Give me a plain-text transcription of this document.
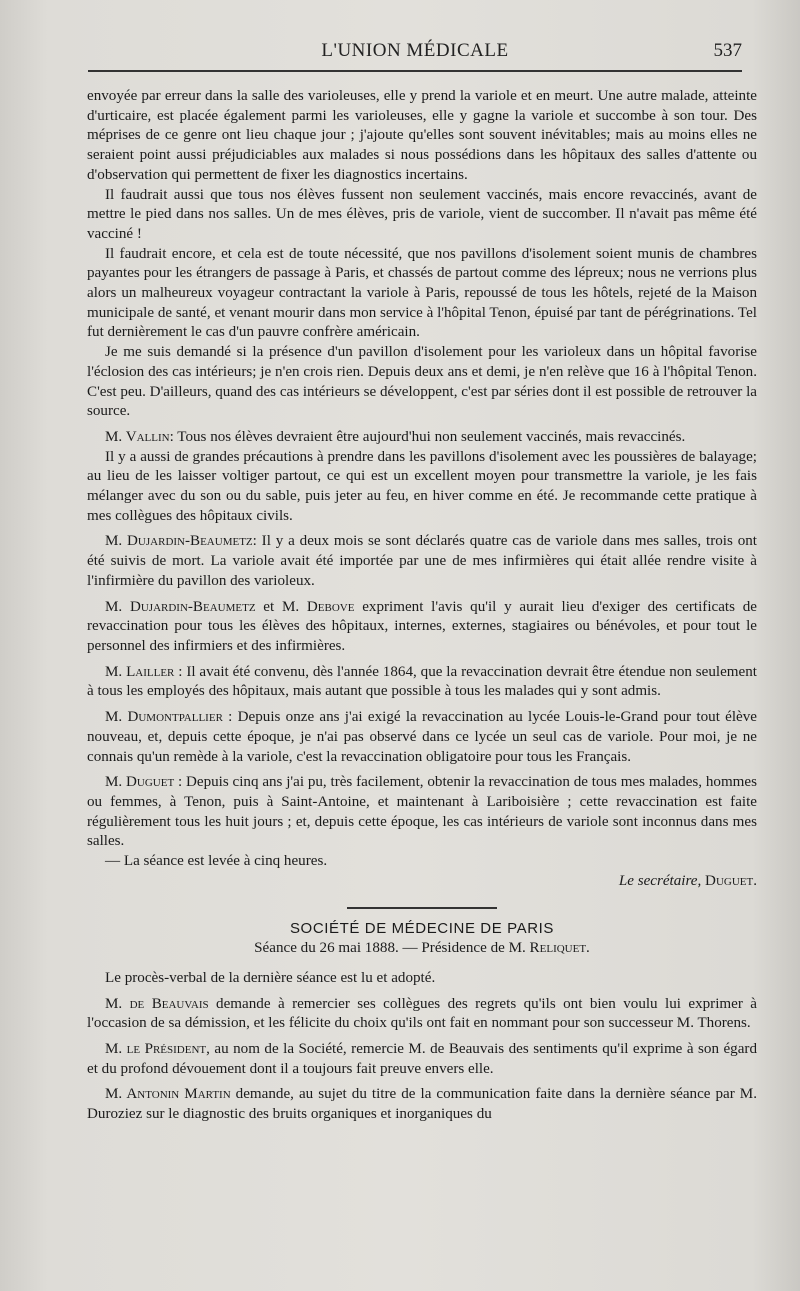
L'UNION MÉDICALE	537

envoyée par erreur dans la salle des varioleuses, elle y prend la variole et en meurt. Une autre malade, atteinte d'urticaire, est placée également parmi les varioleuses, elle y gagne la variole et succombe à son tour. Des méprises de ce genre ont lieu chaque jour ; j'ajoute qu'elles sont souvent inévitables; mais au moins elles ne seraient point aussi préjudiciables aux malades si nous possédions dans les hôpitaux des salles d'attente ou d'observation qui permettent de fixer les diagnostics incertains.

Il faudrait aussi que tous nos élèves fussent non seulement vaccinés, mais encore revaccinés, avant de mettre le pied dans nos salles. Un de mes élèves, pris de variole, vient de succomber. Il n'avait pas même été vacciné !

Il faudrait encore, et cela est de toute nécessité, que nos pavillons d'isolement soient munis de chambres payantes pour les étrangers de passage à Paris, et chassés de partout comme des lépreux; nous ne verrions plus alors un malheureux voyageur contractant la variole à Paris, repoussé de tous les hôtels, rejeté de la Maison municipale de santé, et venant mourir dans mon service à l'hôpital Tenon, épuisé par tant de pérégrinations. Tel fut dernièrement le cas d'un pauvre confrère américain.

Je me suis demandé si la présence d'un pavillon d'isolement pour les varioleux dans un hôpital favorise l'éclosion des cas intérieurs; je n'en crois rien. Depuis deux ans et demi, je n'en relève que 16 à l'hôpital Tenon. C'est peu. D'ailleurs, quand des cas intérieurs se développent, c'est par séries dont il est possible de retrouver la source.

M. Vallin: Tous nos élèves devraient être aujourd'hui non seulement vaccinés, mais revaccinés.

Il y a aussi de grandes précautions à prendre dans les pavillons d'isolement avec les poussières de balayage; au lieu de les laisser voltiger partout, ce qui est un excellent moyen pour transmettre la variole, je les fais mélanger avec du son ou du sable, puis jeter au feu, en hiver comme en été. Je recommande cette pratique à mes collègues des hôpitaux civils.

M. Dujardin-Beaumetz: Il y a deux mois se sont déclarés quatre cas de variole dans mes salles, trois ont été suivis de mort. La variole avait été importée par une de mes infirmières qui était allée rendre visite à l'infirmière du pavillon des varioleux.

M. Dujardin-Beaumetz et M. Debove expriment l'avis qu'il y aurait lieu d'exiger des certificats de revaccination pour tous les élèves des hôpitaux, internes, externes, stagiaires ou bénévoles, et pour tout le personnel des infirmiers et des infirmières.

M. Lailler : Il avait été convenu, dès l'année 1864, que la revaccination devrait être étendue non seulement à tous les employés des hôpitaux, mais autant que possible à tous les malades qui y sont admis.

M. Dumontpallier : Depuis onze ans j'ai exigé la revaccination au lycée Louis-le-Grand pour tout élève nouveau, et, depuis cette époque, je n'ai pas observé dans ce lycée un seul cas de variole. Pour moi, je ne connais qu'un remède à la variole, c'est la revaccination obligatoire pour tous les Français.

M. Duguet : Depuis cinq ans j'ai pu, très facilement, obtenir la revaccination de tous mes malades, hommes ou femmes, à Tenon, puis à Saint-Antoine, et maintenant à Lariboisière ; cette revaccination est faite régulièrement tous les huit jours ; et, depuis cette époque, les cas intérieurs de variole sont inconnus dans mes salles.

— La séance est levée à cinq heures.

Le secrétaire, Duguet.

SOCIÉTÉ DE MÉDECINE DE PARIS

Séance du 26 mai 1888. — Présidence de M. Reliquet.

Le procès-verbal de la dernière séance est lu et adopté.

M. de Beauvais demande à remercier ses collègues des regrets qu'ils ont bien voulu lui exprimer à l'occasion de sa démission, et les félicite du choix qu'ils ont fait en nommant pour son successeur M. Thorens.

M. le Président, au nom de la Société, remercie M. de Beauvais des sentiments qu'il exprime à son égard et du profond dévouement dont il a toujours fait preuve envers elle.

M. Antonin Martin demande, au sujet du titre de la communication faite dans la dernière séance par M. Duroziez sur le diagnostic des bruits organiques et inorganiques du
